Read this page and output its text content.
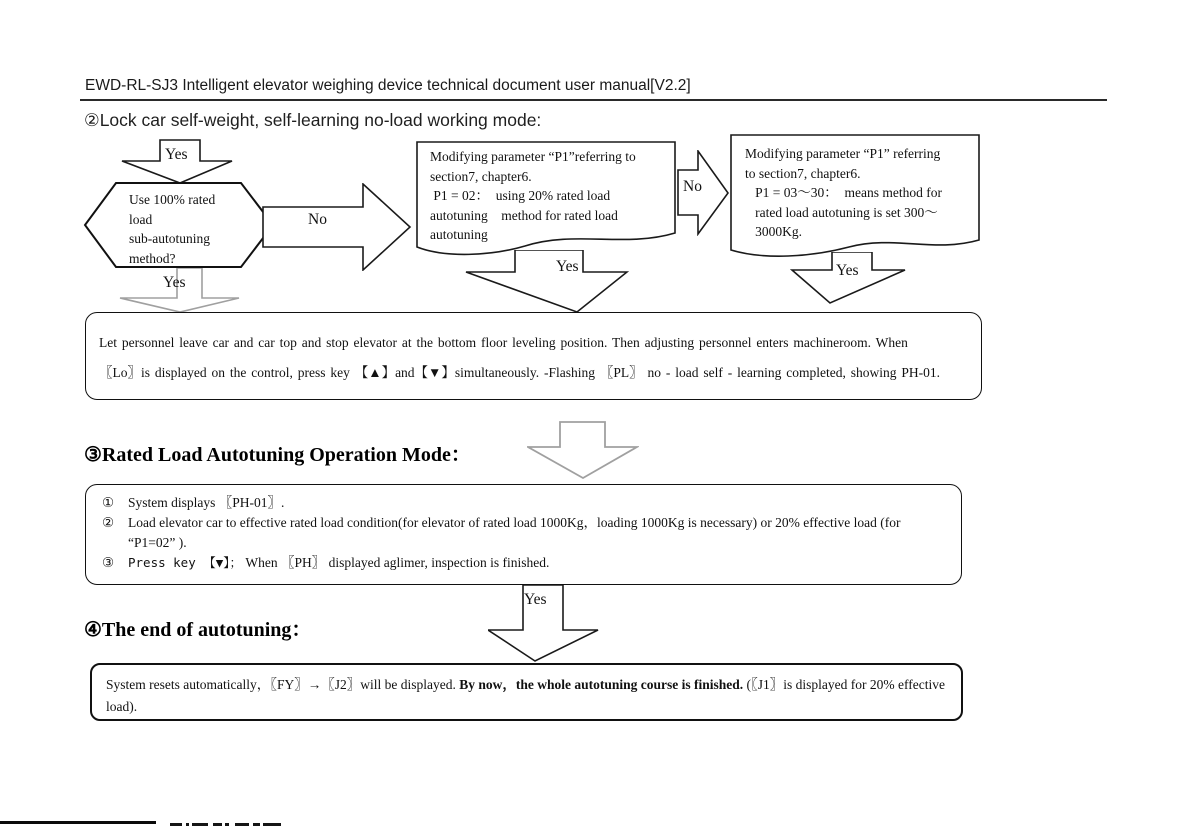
EWD-RL-SJ3 Intelligent elevator weighing device technical document user manual[V2.2]
②Lock car self-weight, self-learning no-load working mode:
Yes
Use 100% rated
load
sub-autotuning
method?
No
Yes
Modifying parameter “P1”referring to
section7, chapter6.
P1 = 02：  using 20% rated load
autotuning    method for rated load
autotuning
No
Yes
Modifying parameter “P1” referring
to section7, chapter6.
P1 = 03～30：  means method for
rated load autotuning is set 300～
3000Kg.
Yes
Let personnel leave car and car top and stop elevator at the bottom floor leveling position. Then adjusting personnel enters machineroom. When
〖Lo〗is displayed on the control, press key 【▲】and【▼】simultaneously. -Flashing 〖PL〗 no - load self - learning completed, showing PH-01.
③Rated Load Autotuning Operation Mode：
①	System displays 〖PH-01〗.
②	Load elevator car to effective rated load condition(for elevator of rated load 1000Kg，loading 1000Kg is necessary) or 20% effective load (for “P1=02” ).
③	Press key 【▼】； When 〖PH〗 displayed aglimer, inspection is finished.
Yes
④The end of autotuning：
System resets automatically，〖FY〗→〖J2〗will be displayed. By now，the whole autotuning course is finished. (〖J1〗is displayed for 20% effective load).
